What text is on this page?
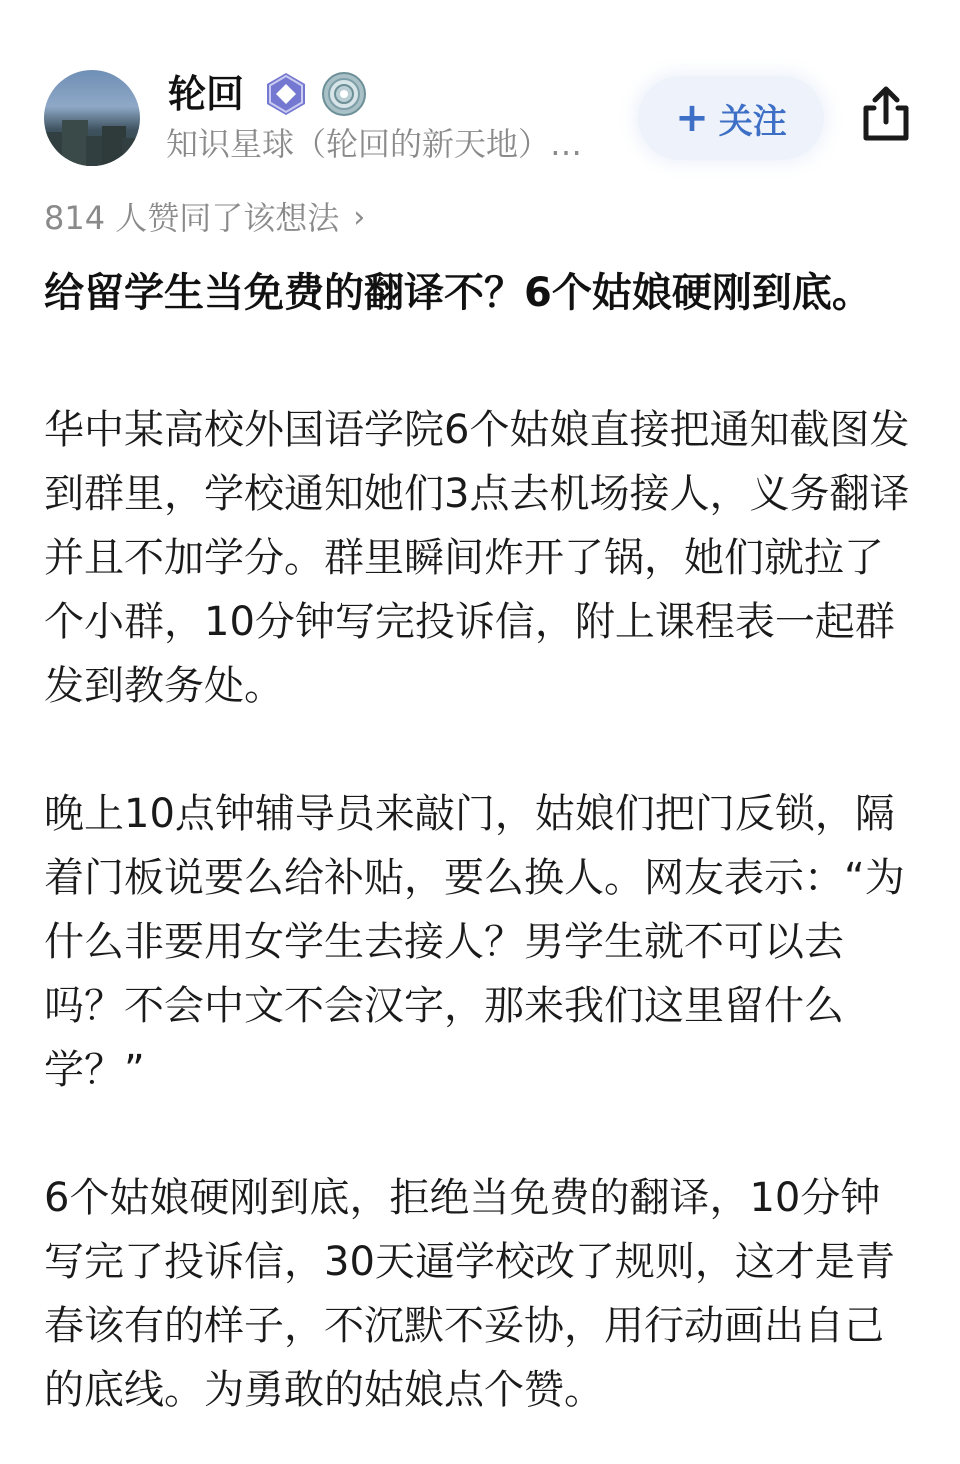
轮回
知识星球（轮回的新天地）…
+ 关注
814 人赞同了该想法 ›
给留学生当免费的翻译不？6个姑娘硬刚到底。

华中某高校外国语学院6个姑娘直接把通知截图发到群里，学校通知她们3点去机场接人，义务翻译并且不加学分。群里瞬间炸开了锅，她们就拉了个小群，10分钟写完投诉信，附上课程表一起群发到教务处。

晚上10点钟辅导员来敲门，姑娘们把门反锁，隔着门板说要么给补贴，要么换人。网友表示：“为什么非要用女学生去接人？男学生就不可以去吗？不会中文不会汉字，那来我们这里留什么学？”

6个姑娘硬刚到底，拒绝当免费的翻译，10分钟写完了投诉信，30天逼学校改了规则，这才是青春该有的样子，不沉默不妥协，用行动画出自己的底线。为勇敢的姑娘点个赞。
